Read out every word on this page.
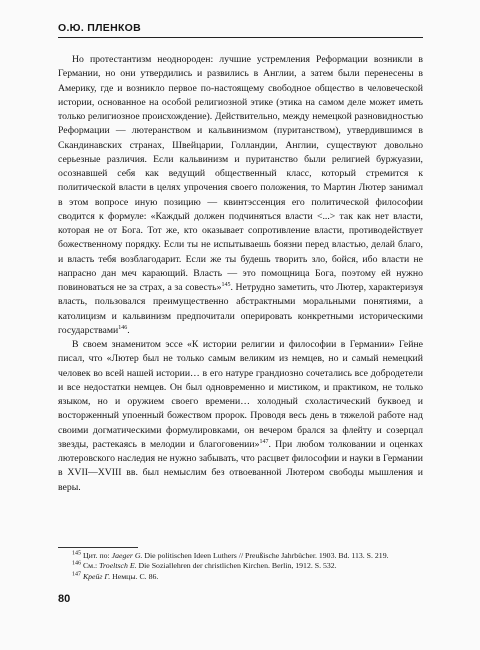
О.Ю. ПЛЕНКОВ

Но протестантизм неоднороден: лучшие устремления Реформации возникли в Германии, но они утвердились и развились в Англии, а затем были перенесены в Америку, где и возникло первое по-настоящему свободное общество в человеческой истории, основанное на особой религиозной этике (этика на самом деле может иметь только религиозное происхождение). Действительно, между немецкой разновидностью Реформации — лютеранством и кальвинизмом (пуританством), утвердившимся в Скандинавских странах, Швейцарии, Голландии, Англии, существуют довольно серьезные различия. Если кальвинизм и пуританство были религией буржуазии, осознавшей себя как ведущий общественный класс, который стремится к политической власти в целях упрочения своего положения, то Мартин Лютер занимал в этом вопросе иную позицию — квинтэссенция его политической философии сводится к формуле: «Каждый должен подчиняться власти <...> так как нет власти, которая не от Бога. Тот же, кто оказывает сопротивление власти, противодействует божественному порядку. Если ты не испытываешь боязни перед властью, делай благо, и власть тебя возблагодарит. Если же ты будешь творить зло, бойся, ибо власти не напрасно дан меч карающий. Власть — это помощница Бога, поэтому ей нужно повиноваться не за страх, а за совесть»$^{145}$. Нетрудно заметить, что Лютер, характеризуя власть, пользовался преимущественно абстрактными моральными понятиями, а католицизм и кальвинизм предпочитали оперировать конкретными историческими государствами$^{146}$.

В своем знаменитом эссе «К истории религии и философии в Германии» Гейне писал, что «Лютер был не только самым великим из немцев, но и самый немецкий человек во всей нашей истории… в его натуре грандиозно сочетались все добродетели и все недостатки немцев. Он был одновременно и мистиком, и практиком, не только языком, но и оружием своего времени… холодный схоластический буквоед и восторженный упоенный божеством пророк. Проводя весь день в тяжелой работе над своими догматическими формулировками, он вечером брался за флейту и созерцал звезды, растекаясь в мелодии и благоговении»$^{147}$. При любом толковании и оценках лютеровского наследия не нужно забывать, что расцвет философии и науки в Германии в XVII—XVIII вв. был немыслим без отвоеванной Лютером свободы мышления и веры.

$^{145}$ Цит. по: Jaeger G. Die politischen Ideen Luthers // Preußische Jahrbücher. 1903. Bd. 113. S. 219.

$^{146}$ См.: Troeltsch E. Die Soziallehren der christlichen Kirchen. Berlin, 1912. S. 532.

$^{147}$ Крейг Г. Немцы. С. 86.

80
